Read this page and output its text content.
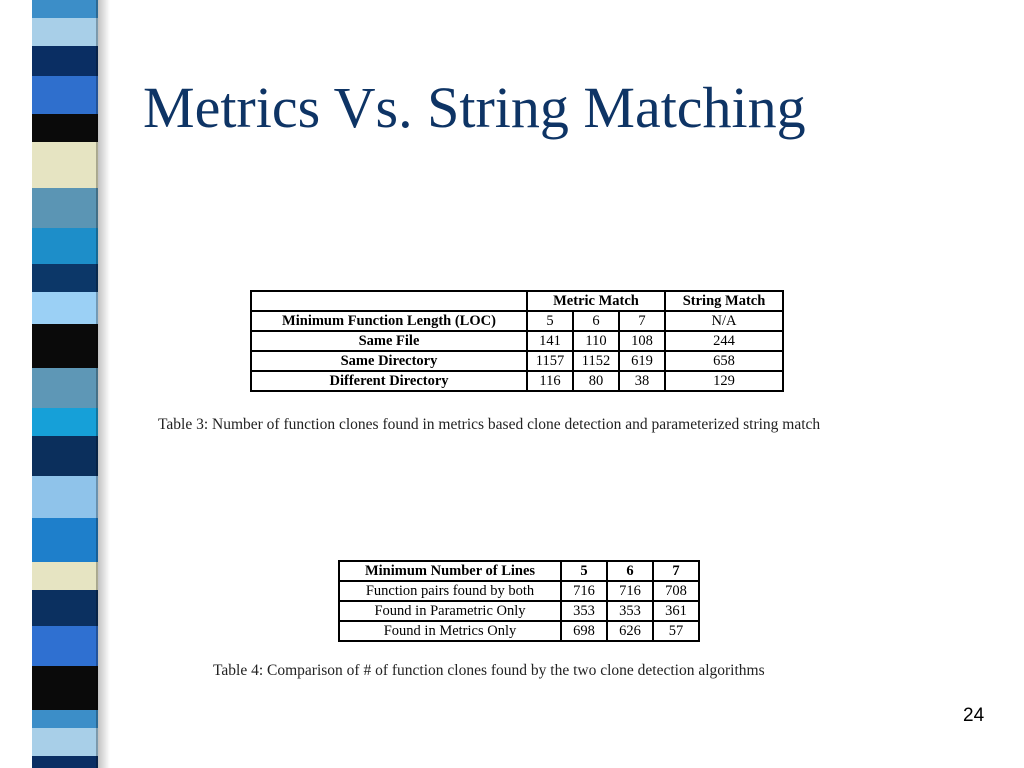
Metrics Vs. String Matching
	Metric Match			String Match
Minimum Function Length (LOC)	5	6	7	N/A
Same File	141	110	108	244
Same Directory	1157	1152	619	658
Different Directory	116	80	38	129
Table 3: Number of function clones found in metrics based clone detection and parameterized string match
Minimum Number of Lines	5	6	7
Function pairs found by both	716	716	708
Found in Parametric Only	353	353	361
Found in Metrics Only	698	626	57
Table 4: Comparison of # of function clones found by the two clone detection algorithms
24
